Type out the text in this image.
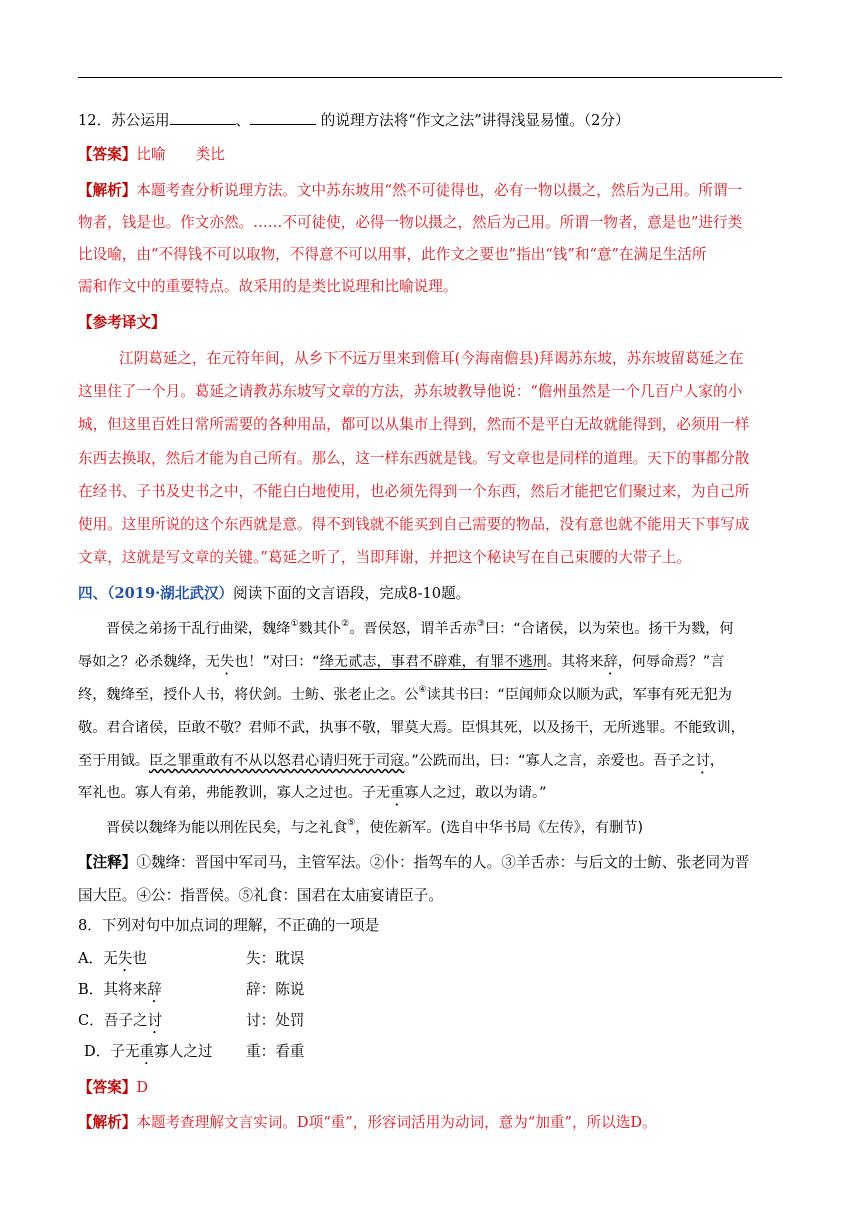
12．苏公运用	、	的说理方法将“作文之法”讲得浅显易懂。（2分）
【答案】比喻 类比
【解析】本题考查分析说理方法。文中苏东坡用“然不可徒得也，必有一物以摄之，然后为己用。所谓一
物者，钱是也。作文亦然。……不可徒使，必得一物以摄之，然后为己用。所谓一物者，意是也”进行类
比设喻，由“不得钱不可以取物，不得意不可以用事，此作文之要也”指出“钱”和“意”在满足生活所
需和作文中的重要特点。故采用的是类比说理和比喻说理。
【参考译文】
江阴葛延之，在元符年间，从乡下不远万里来到儋耳(今海南儋县)拜谒苏东坡，苏东坡留葛延之在
这里住了一个月。葛延之请教苏东坡写文章的方法，苏东坡教导他说：“儋州虽然是一个几百户人家的小
城，但这里百姓日常所需要的各种用品，都可以从集市上得到，然而不是平白无故就能得到，必须用一样
东西去换取，然后才能为自己所有。那么，这一样东西就是钱。写文章也是同样的道理。天下的事都分散
在经书、子书及史书之中，不能白白地使用，也必须先得到一个东西，然后才能把它们聚过来，为自己所
使用。这里所说的这个东西就是意。得不到钱就不能买到自己需要的物品，没有意也就不能用天下事写成
文章，这就是写文章的关键。”葛延之听了，当即拜谢，并把这个秘诀写在自己束腰的大带子上。
四、（2019·湖北武汉）阅读下面的文言语段，完成8-10题。
晋侯之弟扬干乱行曲梁，魏绛①戮其仆②。晋侯怒，谓羊舌赤③曰：“合诸侯，以为荣也。扬干为戮，何
辱如之？必杀魏绛，无失也！”对曰：“绛无贰志，事君不辟难，有罪不逃刑。其将来辞，何辱命焉？”言
终，魏绛至，授仆人书，将伏剑。士鲂、张老止之。公④读其书曰：“臣闻师众以顺为武，军事有死无犯为
敬。君合诸侯，臣敢不敬？君师不武，执事不敬，罪莫大焉。臣惧其死，以及扬干，无所逃罪。不能致训，
至于用钺。臣之罪重敢有不从以怒君心请归死于司寇。”公跣而出，曰：“寡人之言，亲爱也。吾子之讨，
军礼也。寡人有弟，弗能教训，寡人之过也。子无重寡人之过，敢以为请。”
晋侯以魏绛为能以刑佐民矣，与之礼食⑤，使佐新军。(选自中华书局《左传》，有删节)
【注释】①魏绛：晋国中军司马，主管军法。②仆：指驾车的人。③羊舌赤：与后文的士鲂、张老同为晋
国大臣。④公：指晋侯。⑤礼食：国君在太庙宴请臣子。
8．下列对句中加点词的理解，不正确的一项是
A．无失也	失：耽误
B．其将来辞	辞：陈说
C．吾子之讨	讨：处罚
D．子无重寡人之过 重：看重
【答案】D
【解析】本题考查理解文言实词。D项“重”，形容词活用为动词，意为“加重”，所以选D。
